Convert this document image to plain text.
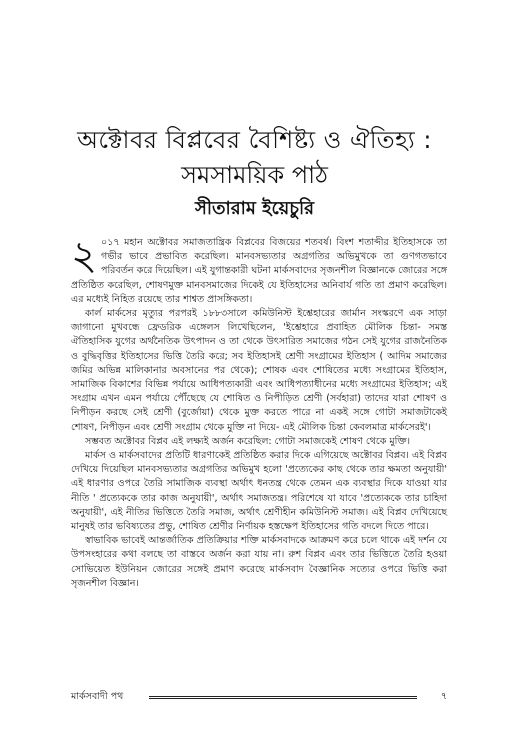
অক্টোবর বিপ্লবের বৈশিষ্ট্য ও ঐতিহ্য :
সমসাময়িক পাঠ
সীতারাম ইয়েচুরি

২ ০১৭ মহান অক্টোবর সমাজতান্ত্রিক বিপ্লবের বিজয়ের শতবর্ষ। বিংশ শতাব্দীর ইতিহাসকে তা গভীর ভাবে প্রভাবিত করেছিল। মানবসভ্যতার অগ্রগতির অভিমুখকে তা গুণগতভাবে পরিবর্তন করে দিয়েছিল। এই যুগান্তকারী ঘটনা মার্কসবাদের সৃজনশীল বিজ্ঞানকে জোরের সঙ্গে প্রতিষ্ঠিত করেছিল, শোষণমুক্ত মানবসমাজের দিকেই যে ইতিহাসের অনিবার্য গতি তা প্রমাণ করেছিল। এর মধ্যেই নিহিত রয়েছে তার শাশ্বত প্রাসঙ্গিকতা।

কার্ল মার্কসের মৃত্যুর পরপরই ১৮৮৩সালে কমিউনিস্ট ইশ্তেহারের জার্মান সংস্করণে এক সাড়া জাগানো মুখবন্ধে ফ্রেডরিক এঙ্গেলস লিখেছিলেন, 'ইশ্তেহারে প্রবাহিত মৌলিক চিন্তা- সমস্ত ঐতিহাসিক যুগের অর্থনৈতিক উৎপাদন ও তা থেকে উৎসারিত সমাজের গঠন সেই যুগের রাজনৈতিক ও বুদ্ধিবৃত্তির ইতিহাসের ভিত্তি তৈরি করে; সব ইতিহাসই শ্রেণী সংগ্রামের ইতিহাস ( আদিম সমাজের জমির অভিন্ন মালিকানার অবসানের পর থেকে); শোষক এবং শোষিতের মধ্যে সংগ্রামের ইতিহাস, সামাজিক বিকাশের বিভিন্ন পর্যায়ে আধিপত্যকারী এবং আধিপত্যাধীনের মধ্যে সংগ্রামের ইতিহাস; এই সংগ্রাম এখন এমন পর্যায়ে পৌঁছেছে যে শোষিত ও নিপীড়িত শ্রেণী (সর্বহারা) তাদের যারা শোষণ ও নিপীড়ন করছে সেই শ্রেণী (বুর্জোয়া) থেকে মুক্ত করতে পারে না একই সঙ্গে গোটা সমাজটাকেই শোষণ, নিপীড়ন এবং শ্রেণী সংগ্রাম থেকে মুক্তি না দিয়ে- এই মৌলিক চিন্তা কেবলমাত্র মার্কসেরই'।

সম্ভবত অক্টোবর বিপ্লব এই লক্ষ্যই অর্জন করেছিল: গোটা সমাজকেই শোষণ থেকে মুক্তি।

মার্কস ও মার্কসবাদের প্রতিটি ধারণাকেই প্রতিষ্ঠিত করার দিকে এগিয়েছে অক্টোবর বিপ্লব। এই বিপ্লব দেখিয়ে দিয়েছিল মানবসভ্যতার অগ্রগতির অভিমুখ হলো 'প্রত্যেকের কাছ থেকে তার ক্ষমতা অনুযায়ী' এই ধারণার ওপরে তৈরি সামাজিক ব্যবস্থা অর্থাৎ ধনতন্ত্র থেকে তেমন এক ব্যবস্থার দিকে যাওয়া যার নীতি ' প্রত্যেককে তার কাজ অনুযায়ী', অর্থাৎ সমাজতন্ত্র। পরিশেষে যা যাবে 'প্রত্যেককে তার চাহিদা অনুযায়ী', এই নীতির ভিত্তিতে তৈরি সমাজ, অর্থাৎ শ্রেণীহীন কমিউনিস্ট সমাজ। এই বিপ্লব দেখিয়েছে মানুষই তার ভবিষ্যতের প্রভু, শোষিত শ্রেণীর নির্ণায়ক হস্তক্ষেপ ইতিহাসের গতি বদলে দিতে পারে।

স্বাভাবিক ভাবেই আন্তর্জাতিক প্রতিক্রিয়ার শক্তি মার্কসবাদকে আক্রমণ করে চলে থাকে এই দর্শন যে উপসংহারের কথা বলছে তা বাস্তবে অর্জন করা যায় না। রুশ বিপ্লব এবং তার ভিত্তিতে তৈরি হওয়া সোভিয়েত ইউনিয়ন জোরের সঙ্গেই প্রমাণ করেছে মার্কসবাদ বৈজ্ঞানিক সত্যের ওপরে ভিত্তি করা সৃজনশীল বিজ্ঞান।

মার্কসবাদী পথ	৭
